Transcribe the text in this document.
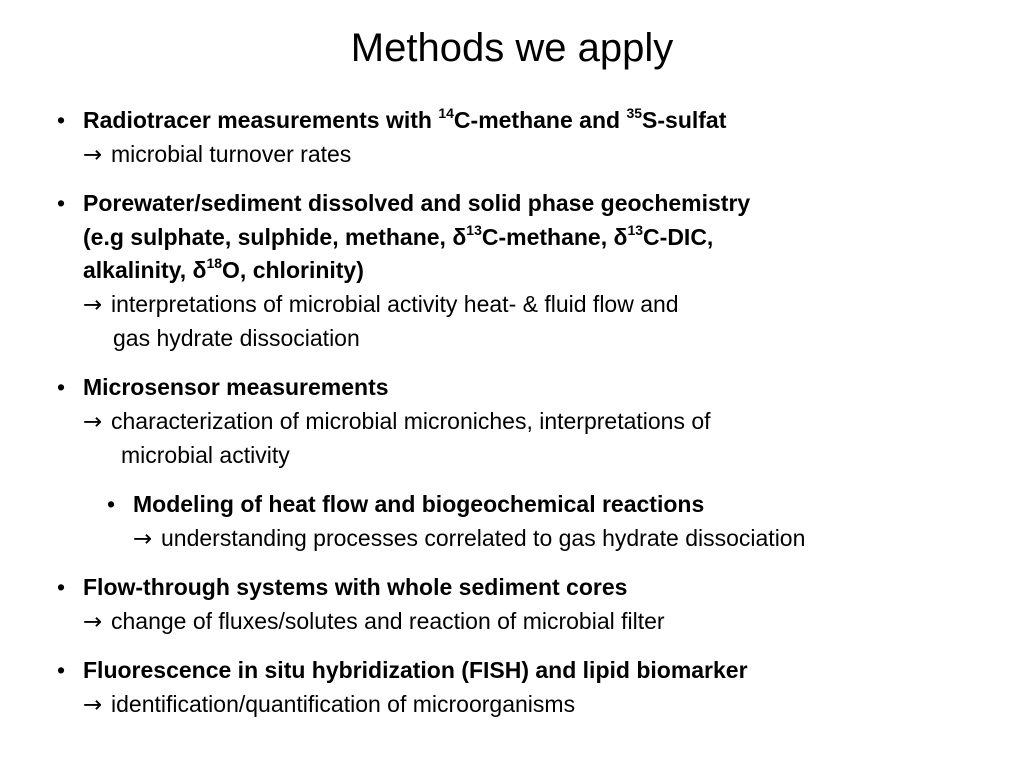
Methods we apply
• Radiotracer measurements with $^{14}$C-methane and $^{35}$S-sulfat
→ microbial turnover rates
• Porewater/sediment dissolved and solid phase geochemistry
(e.g sulphate, sulphide, methane, $\delta^{13}C$-methane, $\delta^{13}C$-DIC,
alkalinity, $\delta^{18}O$, chlorinity)
→ interpretations of microbial activity heat- & fluid flow and
gas hydrate dissociation
• Microsensor measurements
→ characterization of microbial microniches, interpretations of
microbial activity
• Modeling of heat flow and biogeochemical reactions
→ understanding processes correlated to gas hydrate dissociation
• Flow-through systems with whole sediment cores
→ change of fluxes/solutes and reaction of microbial filter
• Fluorescence in situ hybridization (FISH) and lipid biomarker
→ identification/quantification of microorganisms
